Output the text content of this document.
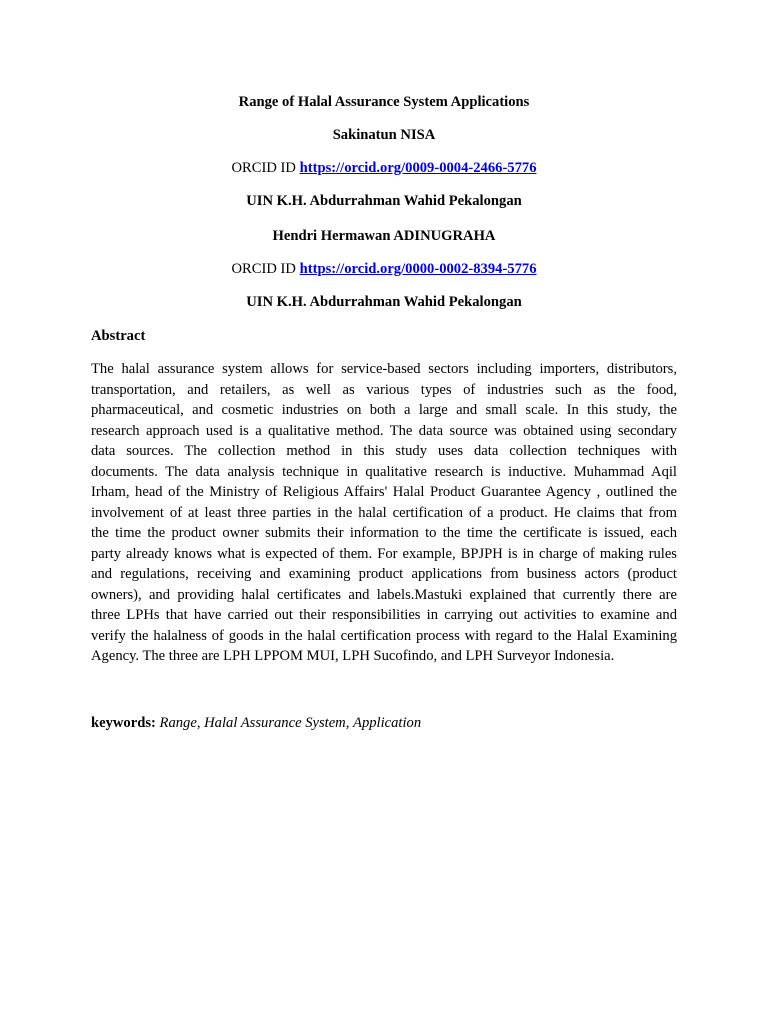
Range of Halal Assurance System Applications
Sakinatun NISA
ORCID ID https://orcid.org/0009-0004-2466-5776
UIN K.H. Abdurrahman Wahid Pekalongan
Hendri Hermawan ADINUGRAHA
ORCID ID https://orcid.org/0000-0002-8394-5776
UIN K.H. Abdurrahman Wahid Pekalongan
Abstract
The halal assurance system allows for service-based sectors including importers, distributors,
transportation, and retailers, as well as various types of industries such as the food,
pharmaceutical, and cosmetic industries on both a large and small scale. In this study, the
research approach used is a qualitative method. The data source was obtained using secondary
data sources. The collection method in this study uses data collection techniques with
documents. The data analysis technique in qualitative research is inductive. Muhammad Aqil
Irham, head of the Ministry of Religious Affairs' Halal Product Guarantee Agency , outlined the
involvement of at least three parties in the halal certification of a product. He claims that from
the time the product owner submits their information to the time the certificate is issued, each
party already knows what is expected of them. For example, BPJPH is in charge of making rules
and regulations, receiving and examining product applications from business actors (product
owners), and providing halal certificates and labels.Mastuki explained that currently there are
three LPHs that have carried out their responsibilities in carrying out activities to examine and
verify the halalness of goods in the halal certification process with regard to the Halal Examining
Agency. The three are LPH LPPOM MUI, LPH Sucofindo, and LPH Surveyor Indonesia.
keywords: Range, Halal Assurance System, Application
